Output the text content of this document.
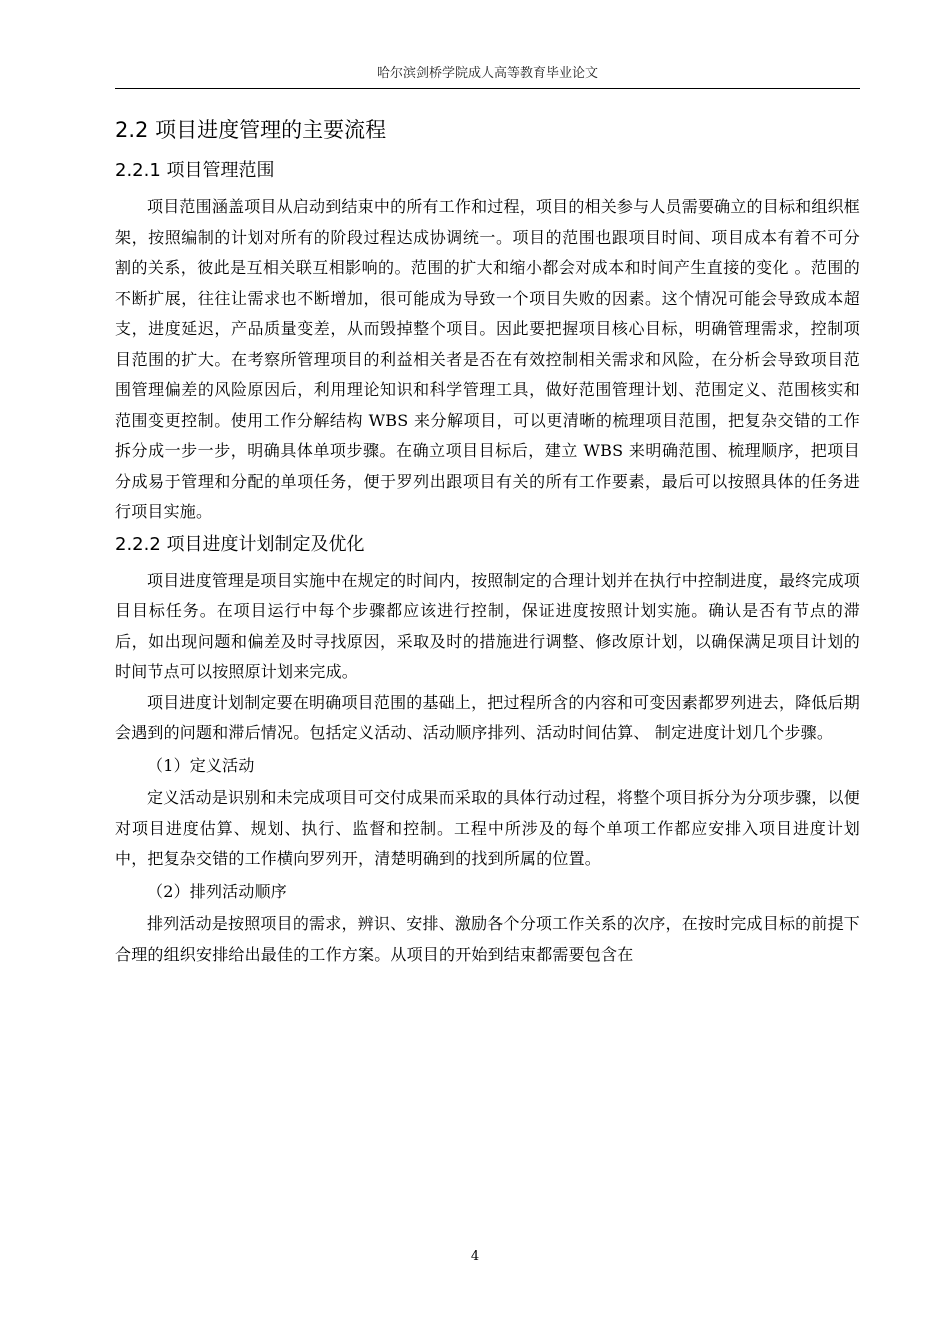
哈尔滨剑桥学院成人高等教育毕业论文
2.2 项目进度管理的主要流程
2.2.1 项目管理范围

项目范围涵盖项目从启动到结束中的所有工作和过程，项目的相关参与人员需要确立的目标和组织框架，按照编制的计划对所有的阶段过程达成协调统一。项目的范围也跟项目时间、项目成本有着不可分割的关系，彼此是互相关联互相影响的。范围的扩大和缩小都会对成本和时间产生直接的变化 。范围的不断扩展，往往让需求也不断增加，很可能成为导致一个项目失败的因素。这个情况可能会导致成本超支，进度延迟，产品质量变差，从而毁掉整个项目。因此要把握项目核心目标，明确管理需求，控制项目范围的扩大。在考察所管理项目的利益相关者是否在有效控制相关需求和风险，在分析会导致项目范围管理偏差的风险原因后，利用理论知识和科学管理工具，做好范围管理计划、范围定义、范围核实和范围变更控制。使用工作分解结构 WBS 来分解项目，可以更清晰的梳理项目范围，把复杂交错的工作拆分成一步一步，明确具体单项步骤。在确立项目目标后，建立 WBS 来明确范围、梳理顺序，把项目分成易于管理和分配的单项任务，便于罗列出跟项目有关的所有工作要素，最后可以按照具体的任务进行项目实施。

2.2.2 项目进度计划制定及优化

项目进度管理是项目实施中在规定的时间内，按照制定的合理计划并在执行中控制进度，最终完成项目目标任务。在项目运行中每个步骤都应该进行控制，保证进度按照计划实施。确认是否有节点的滞后，如出现问题和偏差及时寻找原因，采取及时的措施进行调整、修改原计划，以确保满足项目计划的时间节点可以按照原计划来完成。

项目进度计划制定要在明确项目范围的基础上，把过程所含的内容和可变因素都罗列进去，降低后期会遇到的问题和滞后情况。包括定义活动、活动顺序排列、活动时间估算、 制定进度计划几个步骤。

（1）定义活动

定义活动是识别和未完成项目可交付成果而采取的具体行动过程，将整个项目拆分为分项步骤，以便对项目进度估算、规划、执行、监督和控制。工程中所涉及的每个单项工作都应安排入项目进度计划中，把复杂交错的工作横向罗列开，清楚明确到的找到所属的位置。

（2）排列活动顺序

排列活动是按照项目的需求，辨识、安排、激励各个分项工作关系的次序，在按时完成目标的前提下合理的组织安排给出最佳的工作方案。从项目的开始到结束都需要包含在

4
